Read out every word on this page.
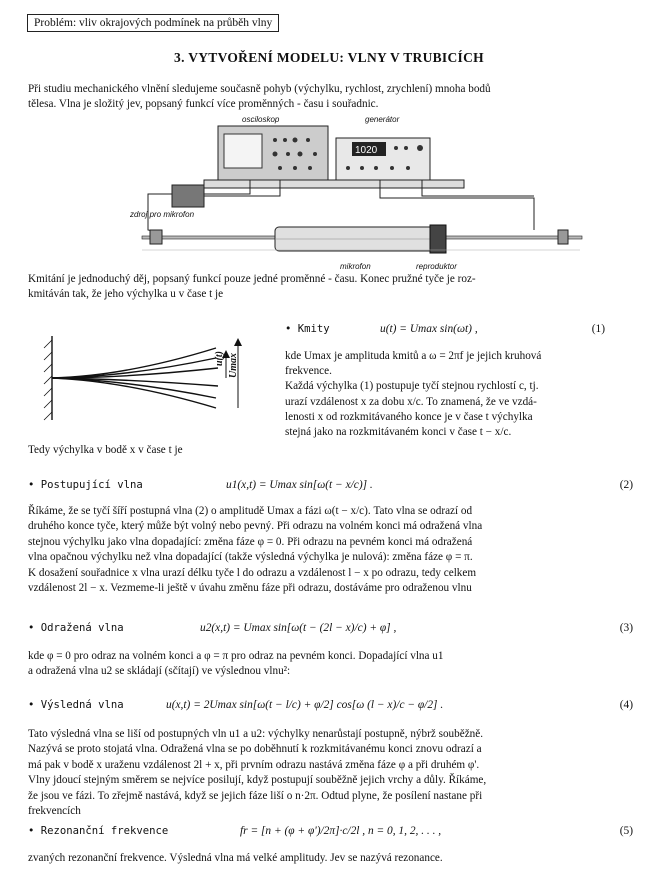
Problém: vliv okrajových podmínek na průběh vlny
3. VYTVOŘENÍ MODELU: VLNY V TRUBICÍCH
Při studiu mechanického vlnění sledujeme současně pohyb (výchylku, rychlost, zrychlení) mnoha bodů
tělesa. Vlna je složitý jev, popsaný funkcí více proměnných - času i souřadnic.
osciloskop
1020
generátor
zdroj pro mikrofon
mikrofon	reproduktor
Kmitání je jednoduchý děj, popsaný funkcí pouze jedné proměnné - času. Konec pružné tyče je roz-
kmitáván tak, že jeho výchylka u v čase t je
u(t) Umax
• Kmity	u(t) = Umax sin(ωt) ,	(1)
kde Umax je amplituda kmitů a ω = 2πf je jejich kruhová
frekvence.
Každá výchylka (1) postupuje tyčí stejnou rychlostí c, tj.
urazí vzdálenost x za dobu x/c. To znamená, že ve vzdá-
lenosti x od rozkmitávaného konce je v čase t výchylka
stejná jako na rozkmitávaném konci v čase t − x/c.
Tedy výchylka v bodě x v čase t je
• Postupující vlna	u1(x,t) = Umax sin[ω(t − x/c)] .	(2)
Říkáme, že se tyčí šíří postupná vlna (2) o amplitudě Umax a fázi ω(t − x/c). Tato vlna se odrazí od
druhého konce tyče, který může být volný nebo pevný. Při odrazu na volném konci má odražená vlna
stejnou výchylku jako vlna dopadající: změna fáze φ = 0. Při odrazu na pevném konci má odražená
vlna opačnou výchylku než vlna dopadající (takže výsledná výchylka je nulová): změna fáze φ = π.
K dosažení souřadnice x vlna urazí délku tyče l do odrazu a vzdálenost l − x po odrazu, tedy celkem
vzdálenost 2l − x. Vezmeme-li ještě v úvahu změnu fáze při odrazu, dostáváme pro odraženou vlnu
• Odražená vlna	u2(x,t) = Umax sin[ω(t − (2l − x)/c) + φ] ,	(3)
kde φ = 0 pro odraz na volném konci a φ = π pro odraz na pevném konci. Dopadající vlna u1
a odražená vlna u2 se skládají (sčítají) ve výslednou vlnu²:
• Výsledná vlna	u(x,t) = 2Umax sin[ω(t − l/c) + φ/2] cos[ω (l − x)/c − φ/2] .	(4)
Tato výsledná vlna se liší od postupných vln u1 a u2: výchylky nenarůstají postupně, nýbrž souběžně.
Nazývá se proto stojatá vlna. Odražená vlna se po doběhnutí k rozkmitávanému konci znovu odrazí a
má pak v bodě x uraženu vzdálenost 2l + x, při prvním odrazu nastává změna fáze φ a při druhém φ'.
Vlny jdoucí stejným směrem se nejvíce posilují, když postupují souběžně jejich vrchy a důly. Říkáme,
že jsou ve fázi. To zřejmě nastává, když se jejich fáze liší o n·2π. Odtud plyne, že posílení nastane při
frekvencích
• Rezonanční frekvence	fr = [n + (φ + φ')/2π]·c/2l , n = 0, 1, 2, . . . ,	(5)
zvaných rezonanční frekvence. Výsledná vlna má velké amplitudy. Jev se nazývá rezonance.
